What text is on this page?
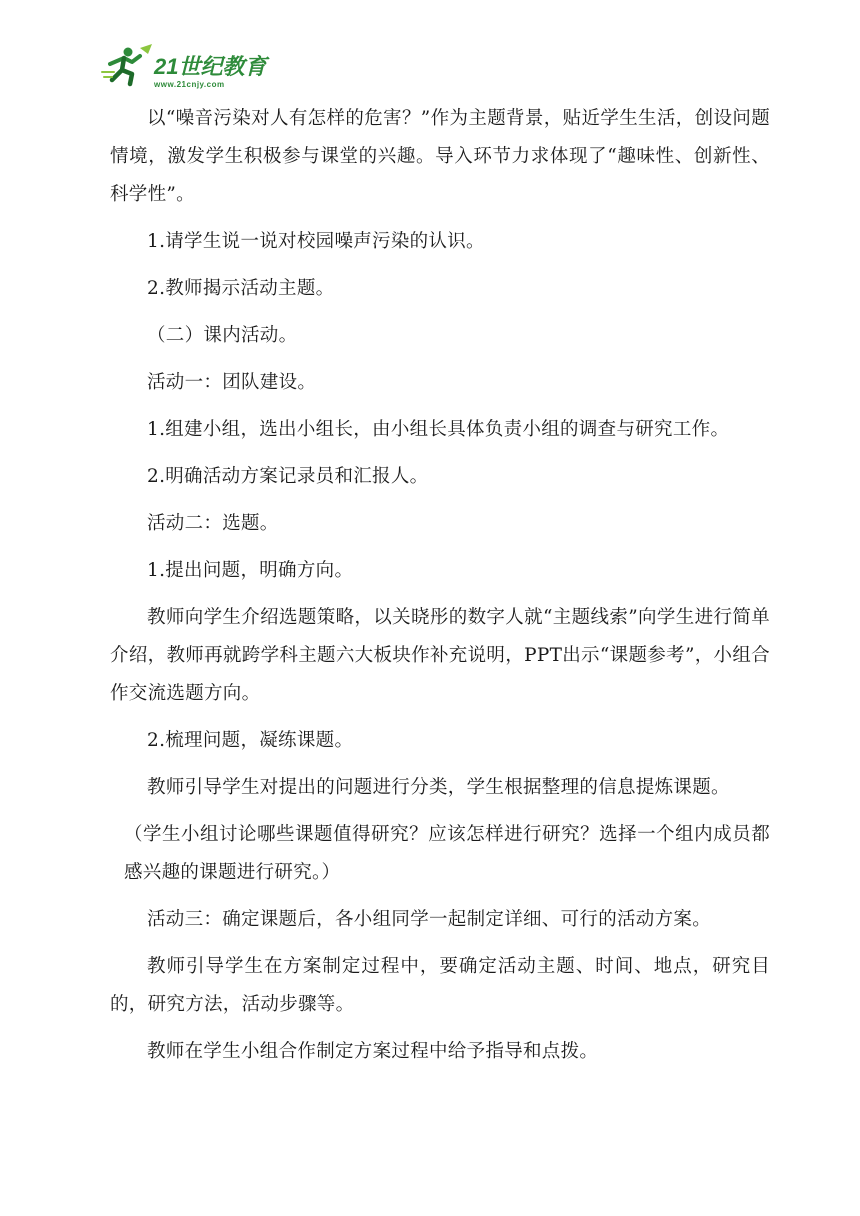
21世纪教育
www.21cnjy.com

以“噪音污染对人有怎样的危害？”作为主题背景，贴近学生生活，创设问题情境，激发学生积极参与课堂的兴趣。导入环节力求体现了“趣味性、创新性、科学性”。

1.请学生说一说对校园噪声污染的认识。

2.教师揭示活动主题。

（二）课内活动。

活动一：团队建设。

1.组建小组，选出小组长，由小组长具体负责小组的调查与研究工作。

2.明确活动方案记录员和汇报人。

活动二：选题。

1.提出问题，明确方向。

教师向学生介绍选题策略，以关晓彤的数字人就“主题线索”向学生进行简单介绍，教师再就跨学科主题六大板块作补充说明，PPT出示“课题参考”，小组合作交流选题方向。

2.梳理问题，凝练课题。

教师引导学生对提出的问题进行分类，学生根据整理的信息提炼课题。

（学生小组讨论哪些课题值得研究？应该怎样进行研究？选择一个组内成员都感兴趣的课题进行研究。）

活动三：确定课题后，各小组同学一起制定详细、可行的活动方案。

教师引导学生在方案制定过程中，要确定活动主题、时间、地点，研究目的，研究方法，活动步骤等。

教师在学生小组合作制定方案过程中给予指导和点拨。
